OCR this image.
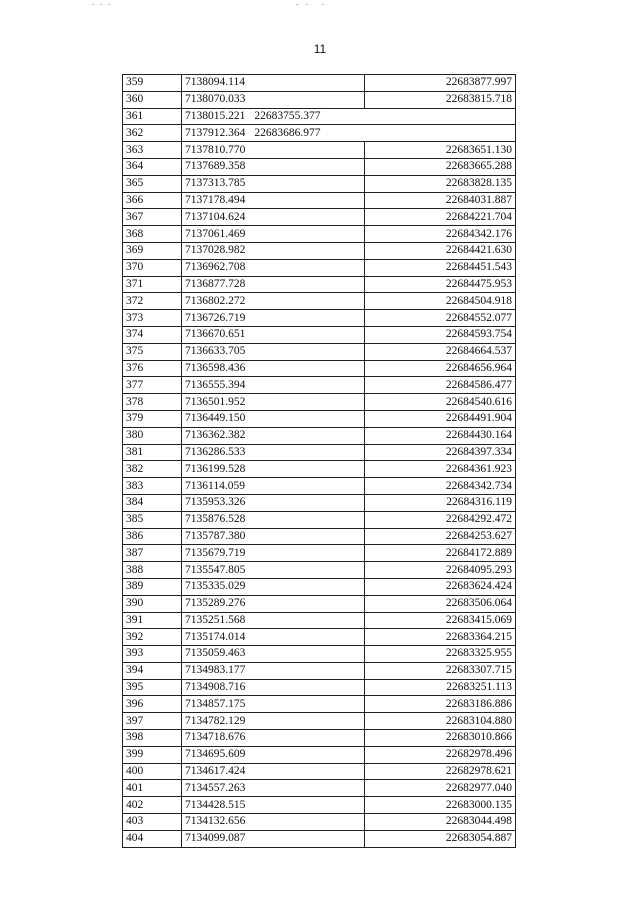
11
359	7138094.114	22683877.997
360	7138070.033	22683815.718
361	7138015.221 22683755.377	
362	7137912.364 22683686.977	
363	7137810.770	22683651.130
364	7137689.358	22683665.288
365	7137313.785	22683828.135
366	7137178.494	22684031.887
367	7137104.624	22684221.704
368	7137061.469	22684342.176
369	7137028.982	22684421.630
370	7136962.708	22684451.543
371	7136877.728	22684475.953
372	7136802.272	22684504.918
373	7136726.719	22684552.077
374	7136670.651	22684593.754
375	7136633.705	22684664.537
376	7136598.436	22684656.964
377	7136555.394	22684586.477
378	7136501.952	22684540.616
379	7136449.150	22684491.904
380	7136362.382	22684430.164
381	7136286.533	22684397.334
382	7136199.528	22684361.923
383	7136114.059	22684342.734
384	7135953.326	22684316.119
385	7135876.528	22684292.472
386	7135787.380	22684253.627
387	7135679.719	22684172.889
388	7135547.805	22684095.293
389	7135335.029	22683624.424
390	7135289.276	22683506.064
391	7135251.568	22683415.069
392	7135174.014	22683364.215
393	7135059.463	22683325.955
394	7134983.177	22683307.715
395	7134908.716	22683251.113
396	7134857.175	22683186.886
397	7134782.129	22683104.880
398	7134718.676	22683010.866
399	7134695.609	22682978.496
400	7134617.424	22682978.621
401	7134557.263	22682977.040
402	7134428.515	22683000.135
403	7134132.656	22683044.498
404	7134099.087	22683054.887
